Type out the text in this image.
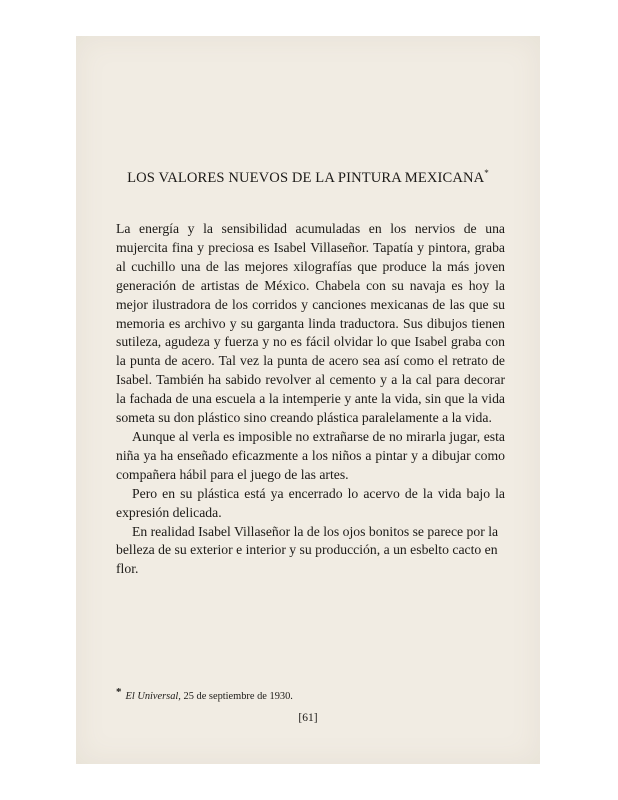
LOS VALORES NUEVOS DE LA PINTURA MEXICANA*

La energía y la sensibilidad acumuladas en los nervios de una mujercita fina y preciosa es Isabel Villaseñor. Tapatía y pintora, graba al cuchillo una de las mejores xilografías que produce la más joven generación de artistas de México. Chabela con su navaja es hoy la mejor ilustradora de los corridos y canciones mexicanas de las que su memoria es archivo y su garganta linda traductora. Sus dibujos tienen sutileza, agudeza y fuerza y no es fácil olvidar lo que Isabel graba con la punta de acero. Tal vez la punta de acero sea así como el retrato de Isabel. También ha sabido revolver al cemento y a la cal para decorar la fachada de una escuela a la intemperie y ante la vida, sin que la vida someta su don plástico sino creando plástica paralelamente a la vida.

Aunque al verla es imposible no extrañarse de no mirarla jugar, esta niña ya ha enseñado eficazmente a los niños a pintar y a dibujar como compañera hábil para el juego de las artes.

Pero en su plástica está ya encerrado lo acervo de la vida bajo la expresión delicada.

En realidad Isabel Villaseñor la de los ojos bonitos se parece por la belleza de su exterior e interior y su producción, a un esbelto cacto en flor.

* El Universal, 25 de septiembre de 1930.

[61]
